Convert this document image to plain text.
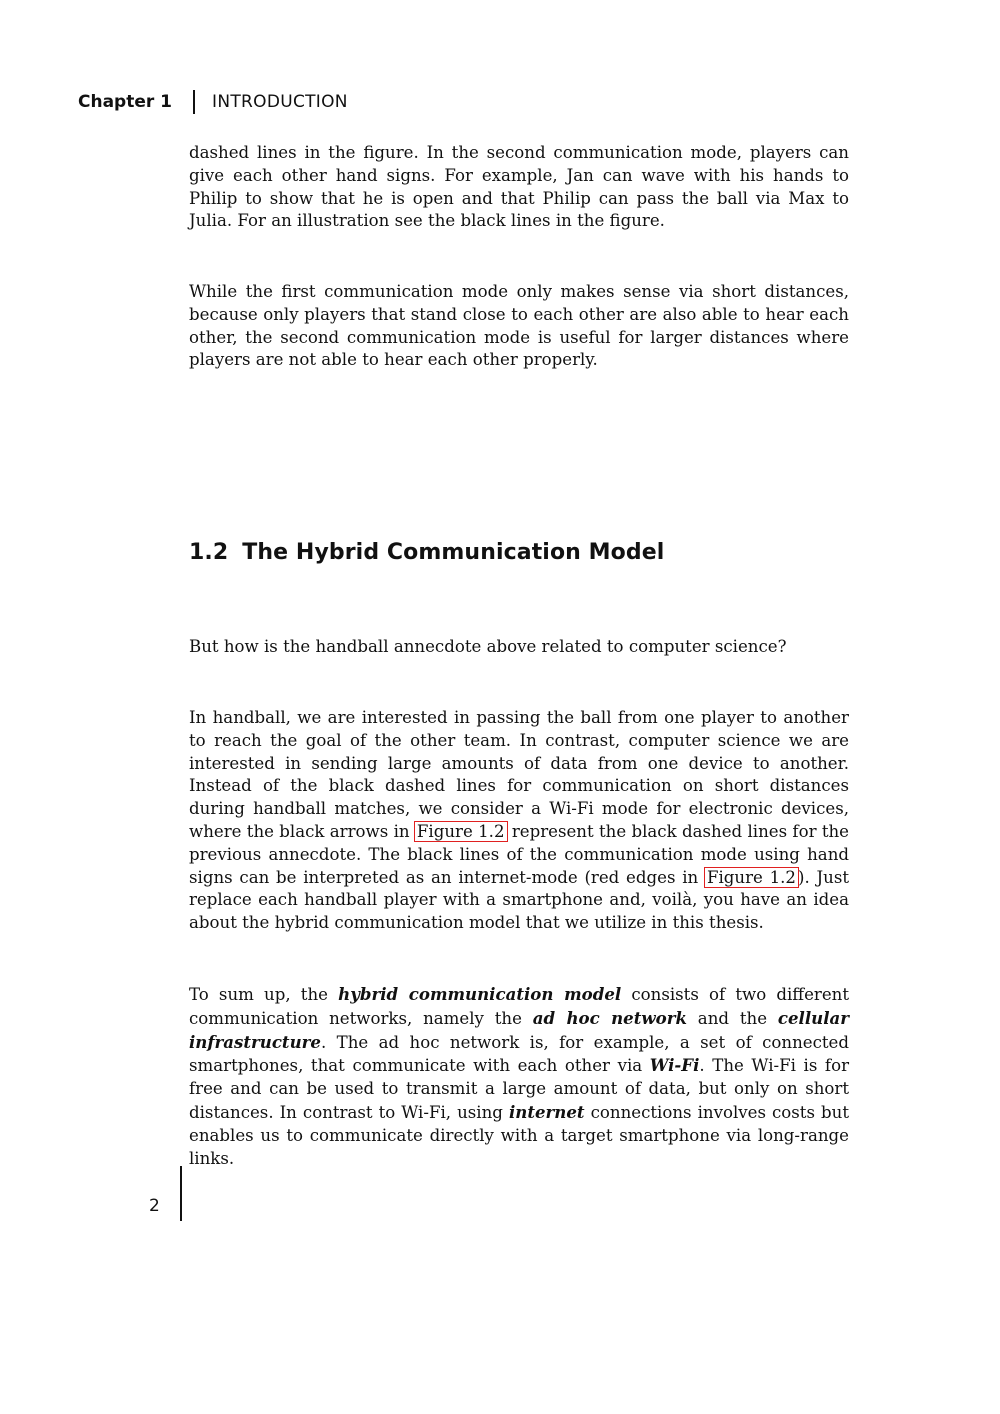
Chapter 1 INTRODUCTION

dashed lines in the figure. In the second communication mode, players can give each other hand signs. For example, Jan can wave with his hands to Philip to show that he is open and that Philip can pass the ball via Max to Julia. For an illustration see the black lines in the figure.

While the first communication mode only makes sense via short distances, because only players that stand close to each other are also able to hear each other, the second communication mode is useful for larger distances where players are not able to hear each other properly.

1.2 The Hybrid Communication Model

But how is the handball annecdote above related to computer science?

In handball, we are interested in passing the ball from one player to another to reach the goal of the other team. In contrast, computer science we are interested in sending large amounts of data from one device to another. Instead of the black dashed lines for communication on short distances during handball matches, we consider a Wi-Fi mode for electronic devices, where the black arrows in Figure 1.2 represent the black dashed lines for the previous annecdote. The black lines of the communication mode using hand signs can be interpreted as an internet-mode (red edges in Figure 1.2 ). Just replace each handball player with a smartphone and, voilà, you have an idea about the hybrid communication model that we utilize in this thesis.

To sum up, the hybrid communication model consists of two different communication networks, namely the ad hoc network and the cellular infrastructure. The ad hoc network is, for example, a set of connected smartphones, that communicate with each other via Wi-Fi. The Wi-Fi is for free and can be used to transmit a large amount of data, but only on short distances. In contrast to Wi-Fi, using internet connections involves costs but enables us to communicate directly with a target smartphone via long-range links.

2
